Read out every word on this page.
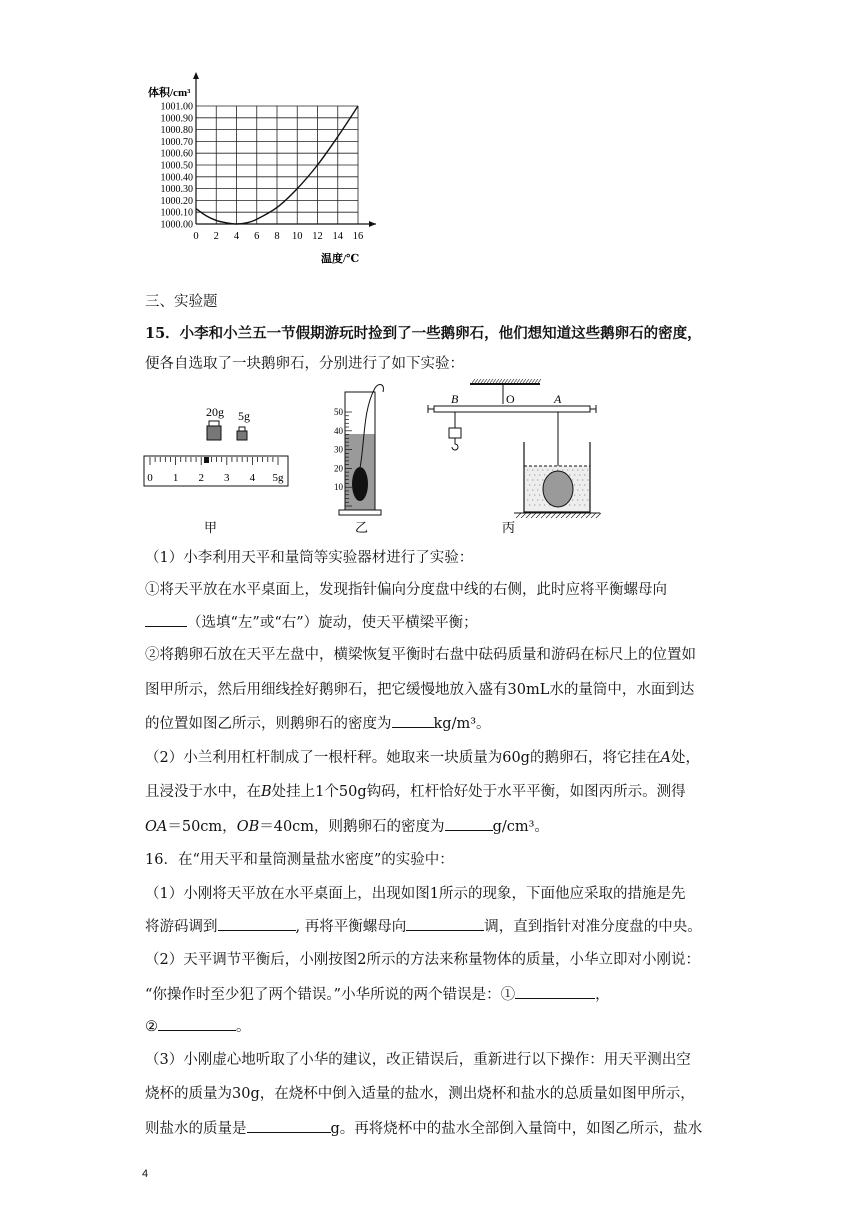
体积/cm³
温度/℃
0 2 4 6 8 10 12 14 16
1000.00
1000.10
1000.20
1000.30
1000.40
1000.50
1000.60
1000.70
1000.80
1000.90
1001.00
三、实验题
15．小李和小兰五一节假期游玩时捡到了一些鹅卵石，他们想知道这些鹅卵石的密度，
便各自选取了一块鹅卵石，分别进行了如下实验：
20g 5g
0 1 2 3 4 5g
甲
50
40
30
20
10
乙
B	O	A
丙
（1）小李利用天平和量筒等实验器材进行了实验：
①将天平放在水平桌面上，发现指针偏向分度盘中线的右侧，此时应将平衡螺母向
（选填“左”或“右”）旋动，使天平横梁平衡；
②将鹅卵石放在天平左盘中，横梁恢复平衡时右盘中砝码质量和游码在标尺上的位置如
图甲所示，然后用细线拴好鹅卵石，把它缓慢地放入盛有30mL水的量筒中，水面到达
的位置如图乙所示，则鹅卵石的密度为	kg/m³。
（2）小兰利用杠杆制成了一根杆秤。她取来一块质量为60g的鹅卵石，将它挂在A处，
且浸没于水中，在B处挂上1个50g钩码，杠杆恰好处于水平平衡，如图丙所示。测得
OA＝50cm，OB＝40cm，则鹅卵石的密度为	g/cm³。
16．在“用天平和量筒测量盐水密度”的实验中：
（1）小刚将天平放在水平桌面上，出现如图1所示的现象，下面他应采取的措施是先
将游码调到	, 再将平衡螺母向	调，直到指针对准分度盘的中央。
（2）天平调节平衡后，小刚按图2所示的方法来称量物体的质量，小华立即对小刚说：
“你操作时至少犯了两个错误。”小华所说的两个错误是：①	，
②	。
（3）小刚虚心地听取了小华的建议，改正错误后，重新进行以下操作：用天平测出空
烧杯的质量为30g，在烧杯中倒入适量的盐水，测出烧杯和盐水的总质量如图甲所示，
则盐水的质量是	g。再将烧杯中的盐水全部倒入量筒中，如图乙所示，盐水
4
